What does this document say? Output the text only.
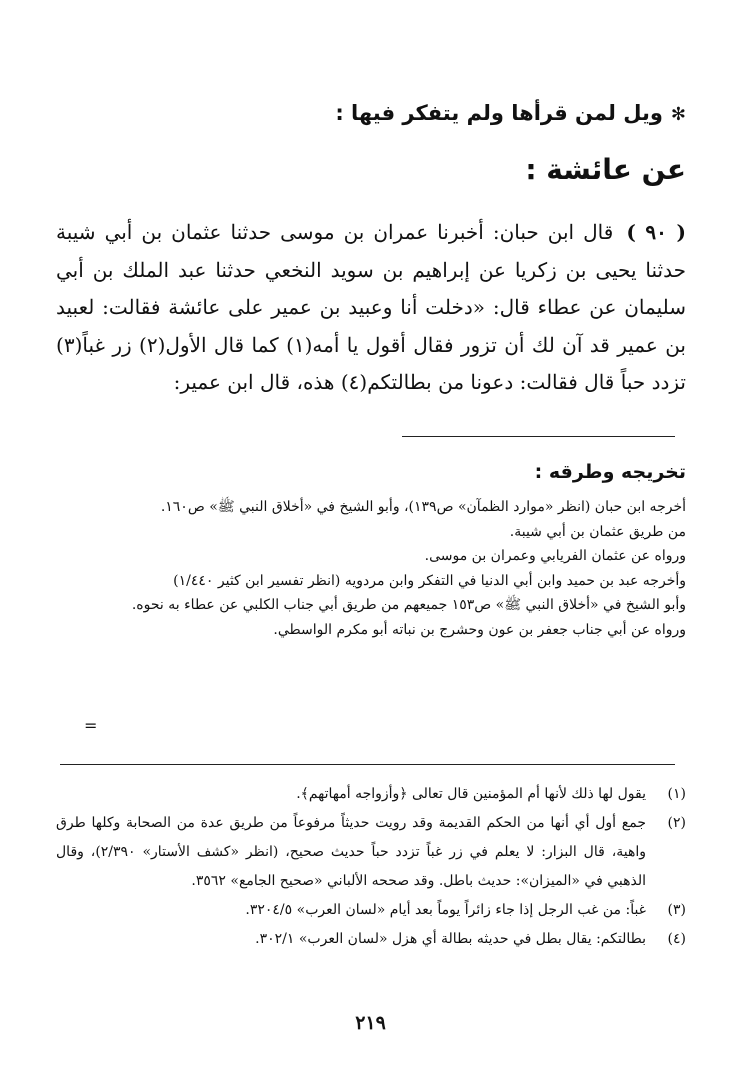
✻ويل لمن قرأها ولم يتفكر فيها :
عن عائشة :
( ٩٠ ) قال ابن حبان: أخبرنا عمران بن موسى حدثنا عثمان بن أبي شيبة حدثنا يحيى بن زكريا عن إبراهيم بن سويد النخعي حدثنا عبد الملك بن أبي سليمان عن عطاء قال: «دخلت أنا وعبيد بن عمير على عائشة فقالت: لعبيد بن عمير قد آن لك أن تزور فقال أقول يا أمه(١) كما قال الأول(٢) زر غباً(٣) تزدد حباً قال فقالت: دعونا من بطالتكم(٤) هذه، قال ابن عمير:
تخريجه وطرقه :

أخرجه ابن حبان (انظر «موارد الظمآن» ص١٣٩)، وأبو الشيخ في «أخلاق النبي ﷺ» ص١٦٠.

من طريق عثمان بن أبي شيبة.

ورواه عن عثمان الفريابي وعمران بن موسى.

وأخرجه عبد بن حميد وابن أبي الدنيا في التفكر وابن مردويه (انظر تفسير ابن كثير ١/٤٤٠)

وأبو الشيخ في «أخلاق النبي ﷺ» ص١٥٣ جميعهم من طريق أبي جناب الكلبي عن عطاء به نحوه.

ورواه عن أبي جناب جعفر بن عون وحشرج بن نباته أبو مكرم الواسطي.

=
(١)
يقول لها ذلك لأنها أم المؤمنين قال تعالى ﴿وأزواجه أمهاتهم﴾.
(٢)
جمع أول أي أنها من الحكم القديمة وقد رويت حديثاً مرفوعاً من طريق عدة من الصحابة وكلها طرق واهية، قال البزار: لا يعلم في زر غباً تزدد حباً حديث صحيح، (انظر «كشف الأستار» ٢/٣٩٠)، وقال الذهبي في «الميزان»: حديث باطل. وقد صححه الألباني «صحيح الجامع» ٣٥٦٢.
(٣)
غباً: من غب الرجل إذا جاء زائراً يوماً بعد أيام «لسان العرب» ٣٢٠٤/٥.
(٤)
بطالتكم: يقال بطل في حديثه بطالة أي هزل «لسان العرب» ٣٠٢/١.
٢١٩
